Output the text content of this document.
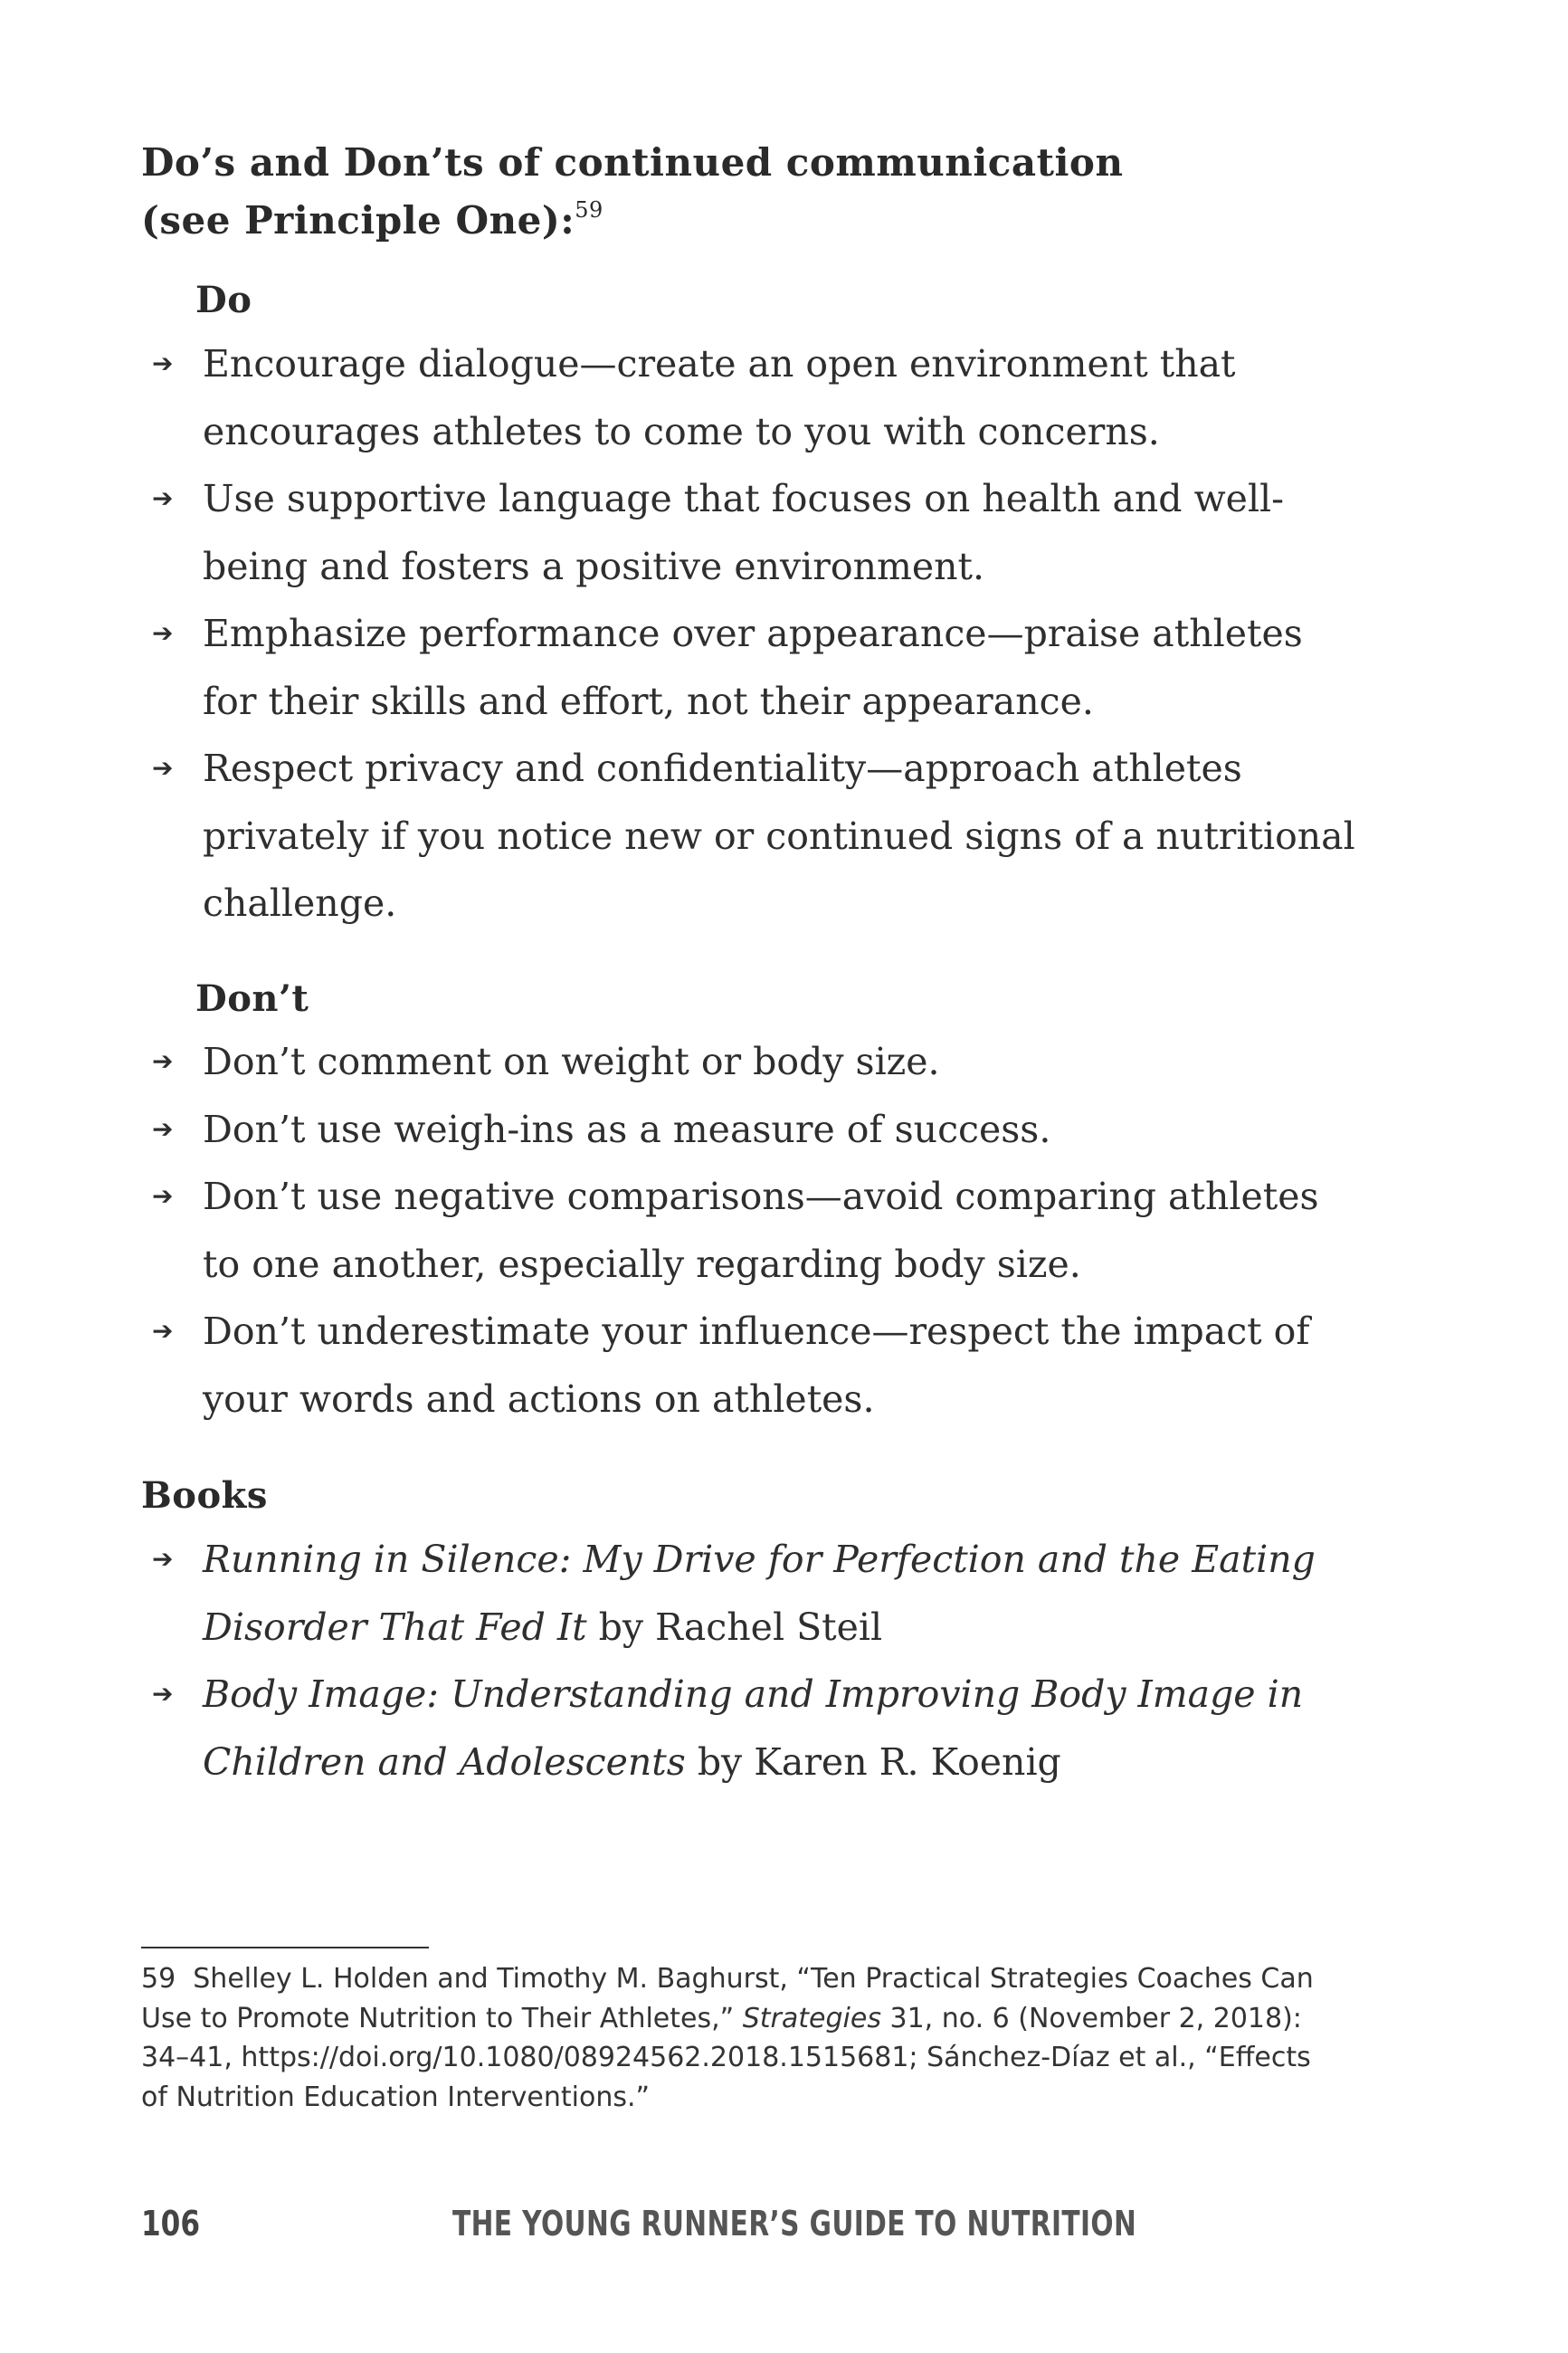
Do’s and Don’ts of continued communication
(see Principle One):$^{59}$
Do
➔ Encourage dialogue—create an open environment that encourages athletes to come to you with concerns.
➔ Use supportive language that focuses on health and well-being and fosters a positive environment.
➔ Emphasize performance over appearance—praise athletes for their skills and effort, not their appearance.
➔ Respect privacy and confidentiality—approach athletes privately if you notice new or continued signs of a nutritional challenge.
Don’t
➔ Don’t comment on weight or body size.
➔ Don’t use weigh-ins as a measure of success.
➔ Don’t use negative comparisons—avoid comparing athletes to one another, especially regarding body size.
➔ Don’t underestimate your influence—respect the impact of your words and actions on athletes.
Books
➔ Running in Silence: My Drive for Perfection and the Eating Disorder That Fed It by Rachel Steil
➔ Body Image: Understanding and Improving Body Image in Children and Adolescents by Karen R. Koenig
59 Shelley L. Holden and Timothy M. Baghurst, “Ten Practical Strategies Coaches Can Use to Promote Nutrition to Their Athletes,” Strategies 31, no. 6 (November 2, 2018): 34–41, https://doi.org/10.1080/08924562.2018.1515681; Sánchez-Díaz et al., “Effects of Nutrition Education Interventions.”
106	THE YOUNG RUNNER’S GUIDE TO NUTRITION
